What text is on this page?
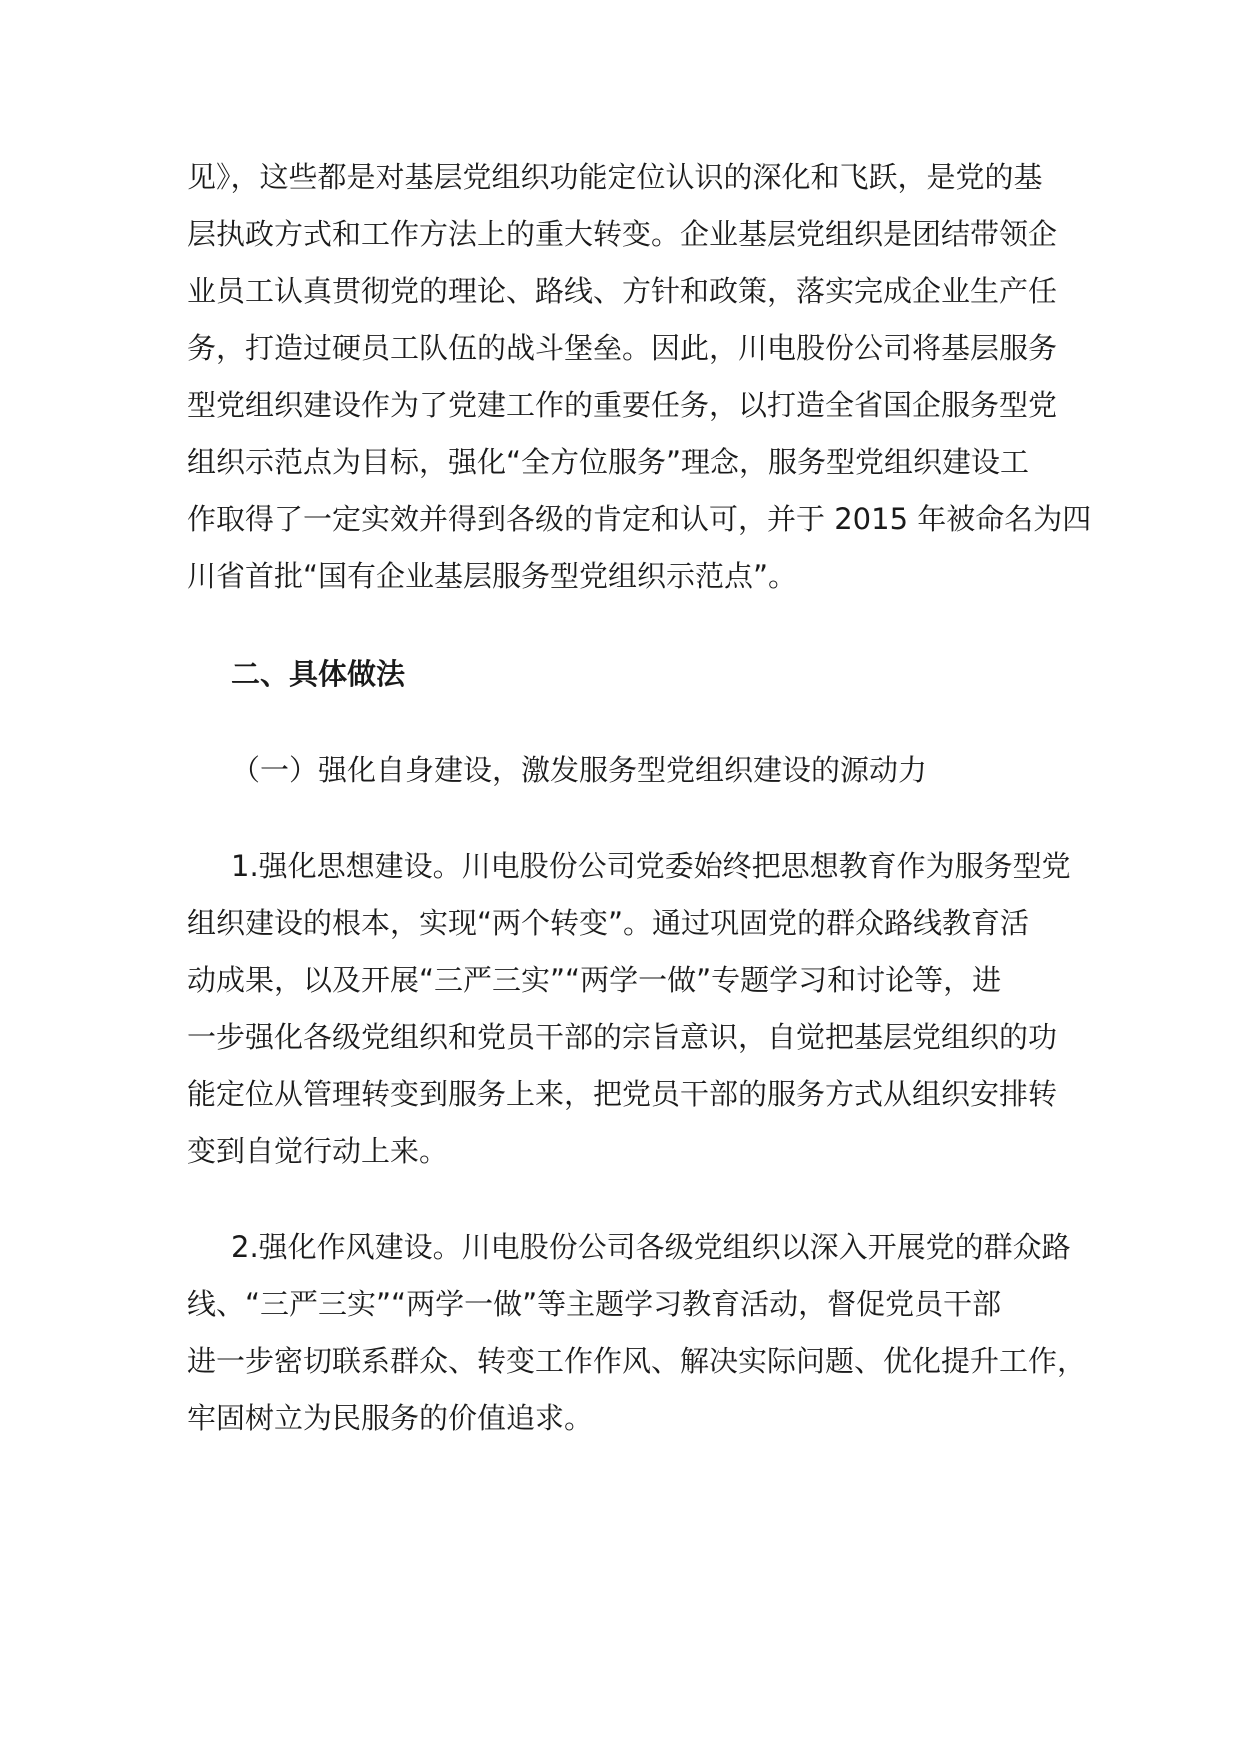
见》，这些都是对基层党组织功能定位认识的深化和飞跃，是党的基

层执政方式和工作方法上的重大转变。企业基层党组织是团结带领企

业员工认真贯彻党的理论、路线、方针和政策，落实完成企业生产任

务，打造过硬员工队伍的战斗堡垒。因此，川电股份公司将基层服务

型党组织建设作为了党建工作的重要任务，以打造全省国企服务型党

组织示范点为目标，强化“全方位服务”理念，服务型党组织建设工

作取得了一定实效并得到各级的肯定和认可，并于 2015 年被命名为四

川省首批“国有企业基层服务型党组织示范点”。

二、具体做法

（一）强化自身建设，激发服务型党组织建设的源动力

1.强化思想建设。川电股份公司党委始终把思想教育作为服务型党

组织建设的根本，实现“两个转变”。通过巩固党的群众路线教育活

动成果，以及开展“三严三实”“两学一做”专题学习和讨论等，进

一步强化各级党组织和党员干部的宗旨意识，自觉把基层党组织的功

能定位从管理转变到服务上来，把党员干部的服务方式从组织安排转

变到自觉行动上来。

2.强化作风建设。川电股份公司各级党组织以深入开展党的群众路

线、“三严三实”“两学一做”等主题学习教育活动，督促党员干部

进一步密切联系群众、转变工作作风、解决实际问题、优化提升工作，

牢固树立为民服务的价值追求。
